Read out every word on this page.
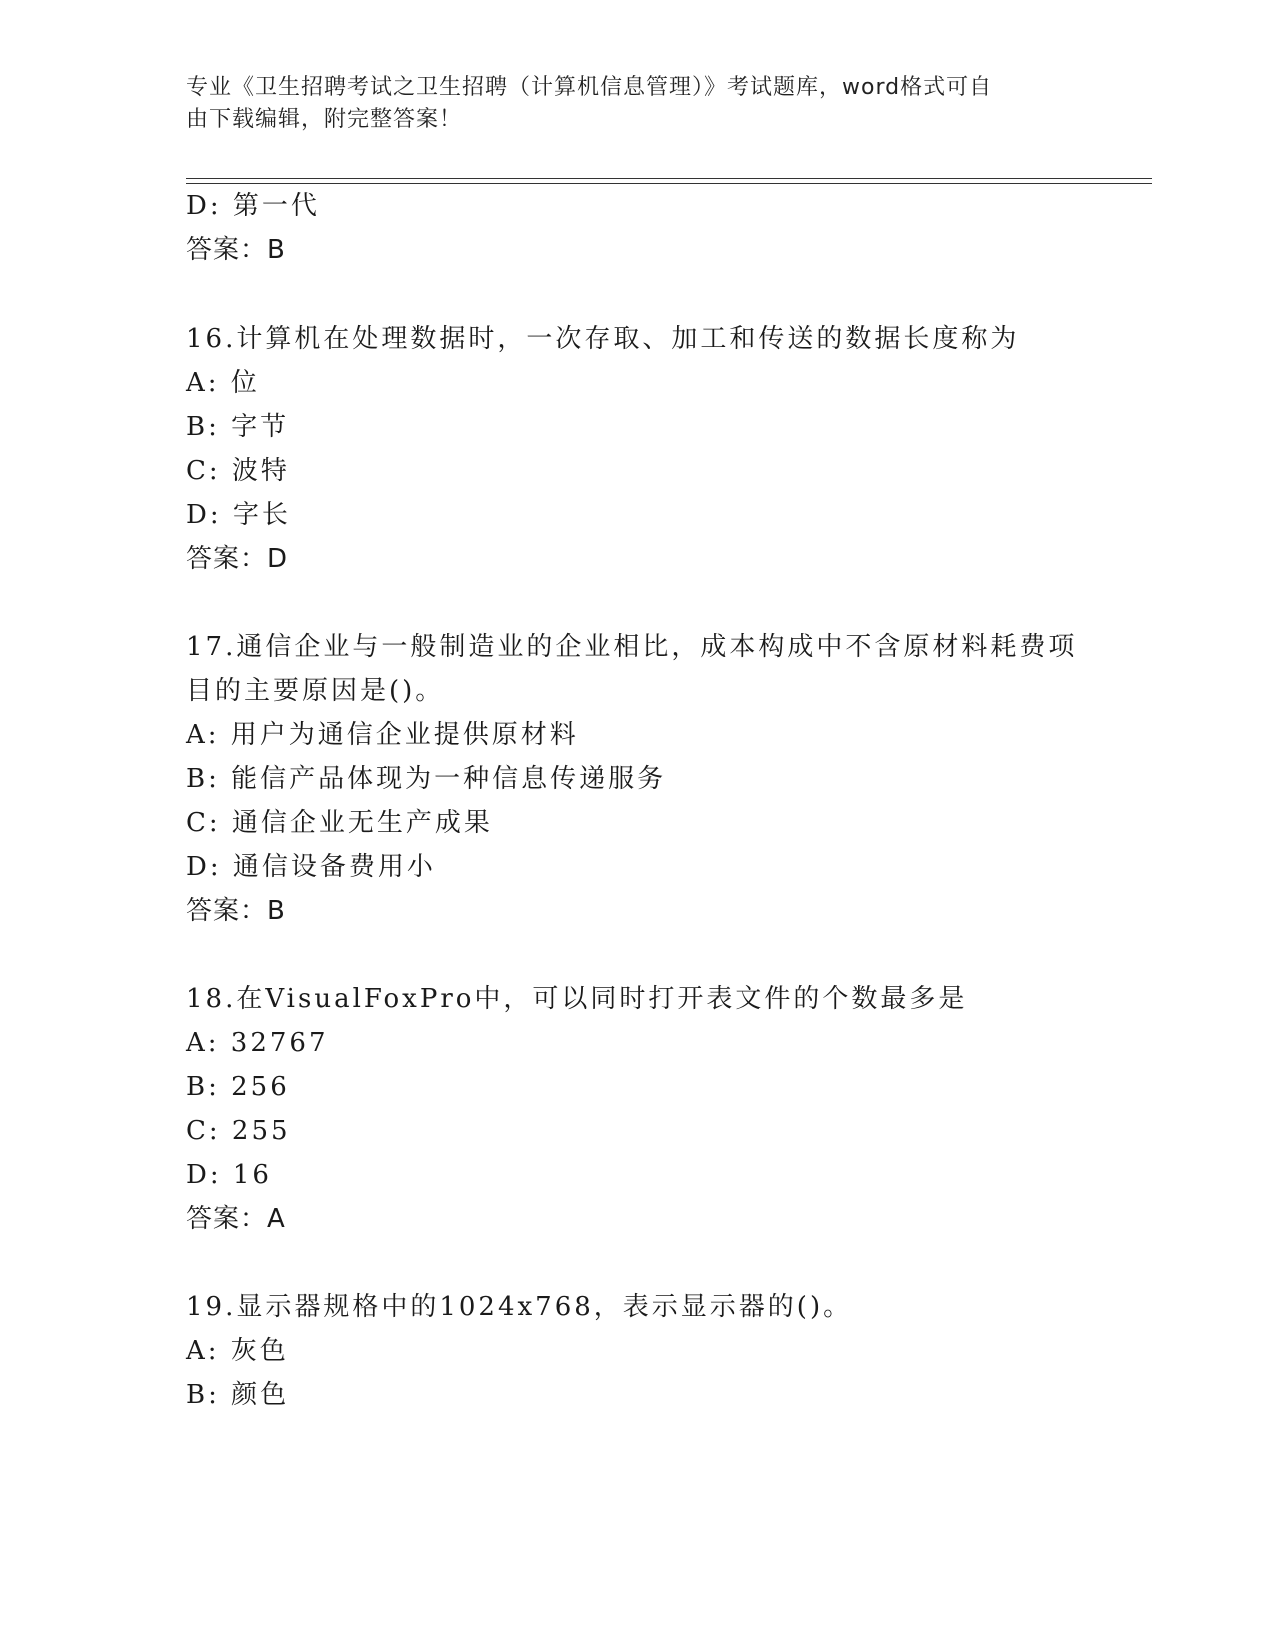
专业《卫生招聘考试之卫生招聘（计算机信息管理）》考试题库，word格式可自
由下载编辑，附完整答案！
D: 第一代
答案：B
16.计算机在处理数据时，一次存取、加工和传送的数据长度称为
A: 位
B: 字节
C: 波特
D: 字长
答案：D
17.通信企业与一般制造业的企业相比，成本构成中不含原材料耗费项
目的主要原因是()。
A: 用户为通信企业提供原材料
B: 能信产品体现为一种信息传递服务
C: 通信企业无生产成果
D: 通信设备费用小
答案：B
18.在VisualFoxPro中，可以同时打开表文件的个数最多是
A: 32767
B: 256
C: 255
D: 16
答案：A
19.显示器规格中的1024x768，表示显示器的()。
A: 灰色
B: 颜色
